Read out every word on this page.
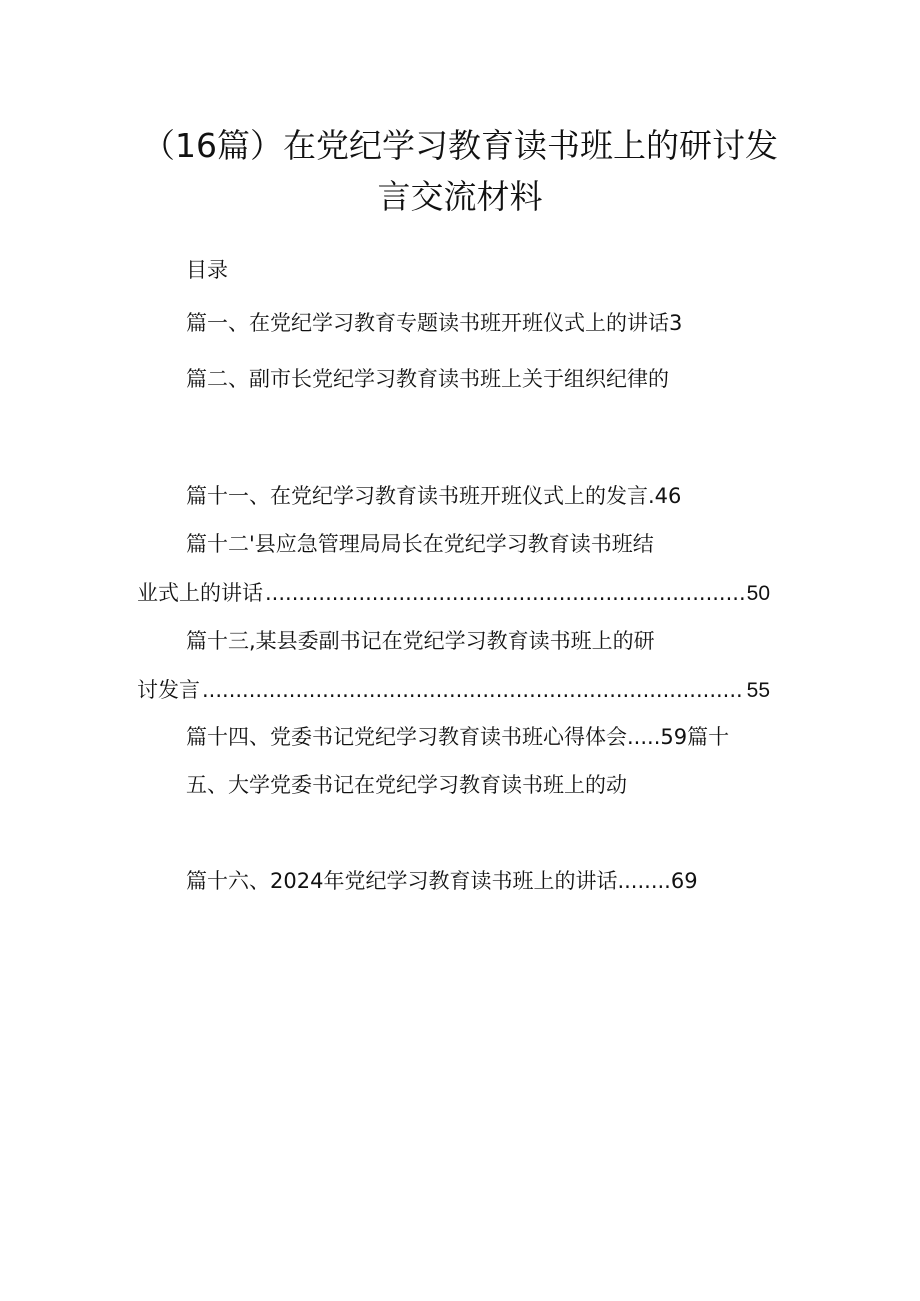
（16篇）在党纪学习教育读书班上的研讨发
言交流材料
目录
篇一、在党纪学习教育专题读书班开班仪式上的讲话3
篇二、副市长党纪学习教育读书班上关于组织纪律的
篇十一、在党纪学习教育读书班开班仪式上的发言.46
篇十二'县应急管理局局长在党纪学习教育读书班结
业式上的讲话 .....	50
篇十三,某县委副书记在党纪学习教育读书班上的研
讨发言 .....	55
篇十四、党委书记党纪学习教育读书班心得体会.....59篇十
五、大学党委书记在党纪学习教育读书班上的动
篇十六、2024年党纪学习教育读书班上的讲话........69
